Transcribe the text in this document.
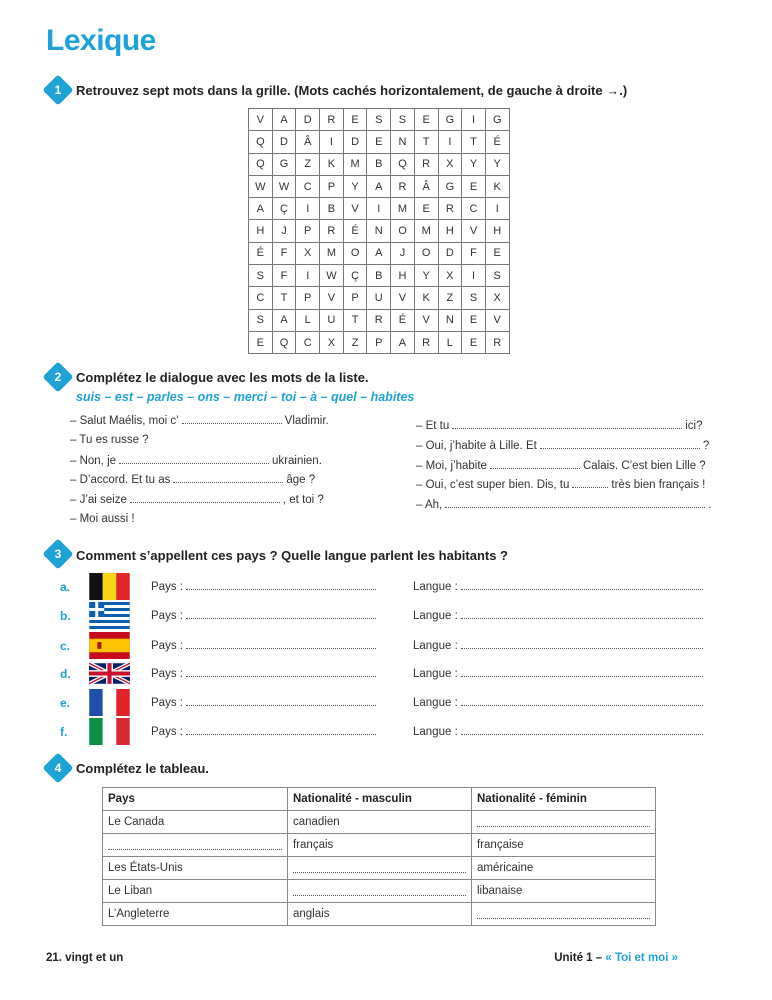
Lexique
1	Retrouvez sept mots dans la grille. (Mots cachés horizontalement, de gauche à droite →.)
V	A	D	R	E	S	S	E	G	I	G
Q	D	Â	I	D	E	N	T	I	T	É
Q	G	Z	K	M	B	Q	R	X	Y	Y
W	W	C	P	Y	A	R	Â	G	E	K
A	Ç	I	B	V	I	M	E	R	C	I
H	J	P	R	É	N	O	M	H	V	H
É	F	X	M	O	A	J	O	D	F	E
S	F	I	W	Ç	B	H	Y	X	I	S
C	T	P	V	P	U	V	K	Z	S	X
S	A	L	U	T	R	É	V	N	E	V
E	Q	C	X	Z	P	A	R	L	E	R
2	Complétez le dialogue avec les mots de la liste.
suis – est – parles – ons – merci – toi – à – quel – habites
– Salut Maélis, moi c’	Vladimir.
– Tu es russe ?
– Non, je	ukrainien.
– D’accord. Et tu as	âge ?
– J’ai seize	, et toi ?
– Moi aussi !
– Et tu	ici?
– Oui, j’habite à Lille. Et	?
– Moi, j’habite	Calais. C’est bien Lille ?
– Oui, c’est super bien. Dis, tu	très bien français !
– Ah,	.
3	Comment s’appellent ces pays ? Quelle langue parlent les habitants ?
a.	Pays :	Langue :
b.	Pays :	Langue :
c.	Pays :	Langue :
d.	Pays :	Langue :
e.	Pays :	Langue :
f.	Pays :	Langue :
4	Complétez le tableau.
Pays	Nationalité - masculin	Nationalité - féminin
Le Canada	canadien	
	français	française
Les États-Unis		américaine
Le Liban		libanaise
L’Angleterre	anglais	
21. vingt et un	Unité 1 – « Toi et moi »
